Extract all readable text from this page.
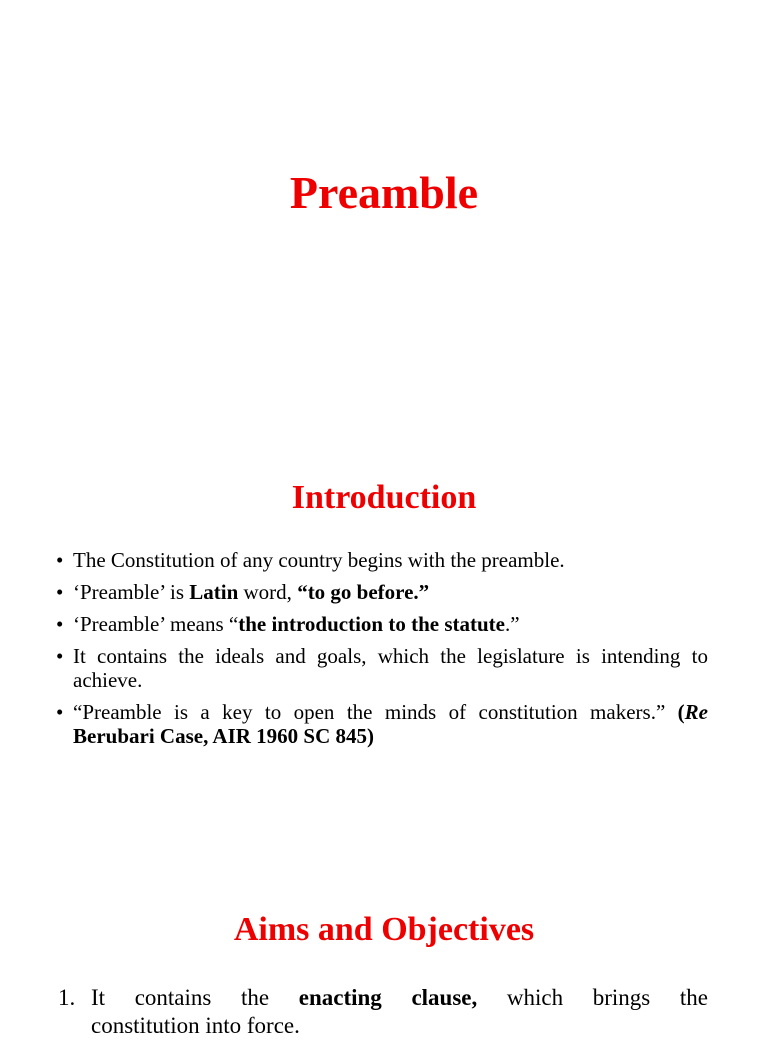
Preamble
Introduction
• The Constitution of any country begins with the preamble.
• ‘Preamble’ is Latin word, “to go before.”
• ‘Preamble’ means “the introduction to the statute.”
• It contains the ideals and goals, which the legislature is intending to achieve.
• “Preamble is a key to open the minds of constitution makers.” (Re Berubari Case, AIR 1960 SC 845)
Aims and Objectives
1. It contains the enacting clause, which brings the
constitution into force.
